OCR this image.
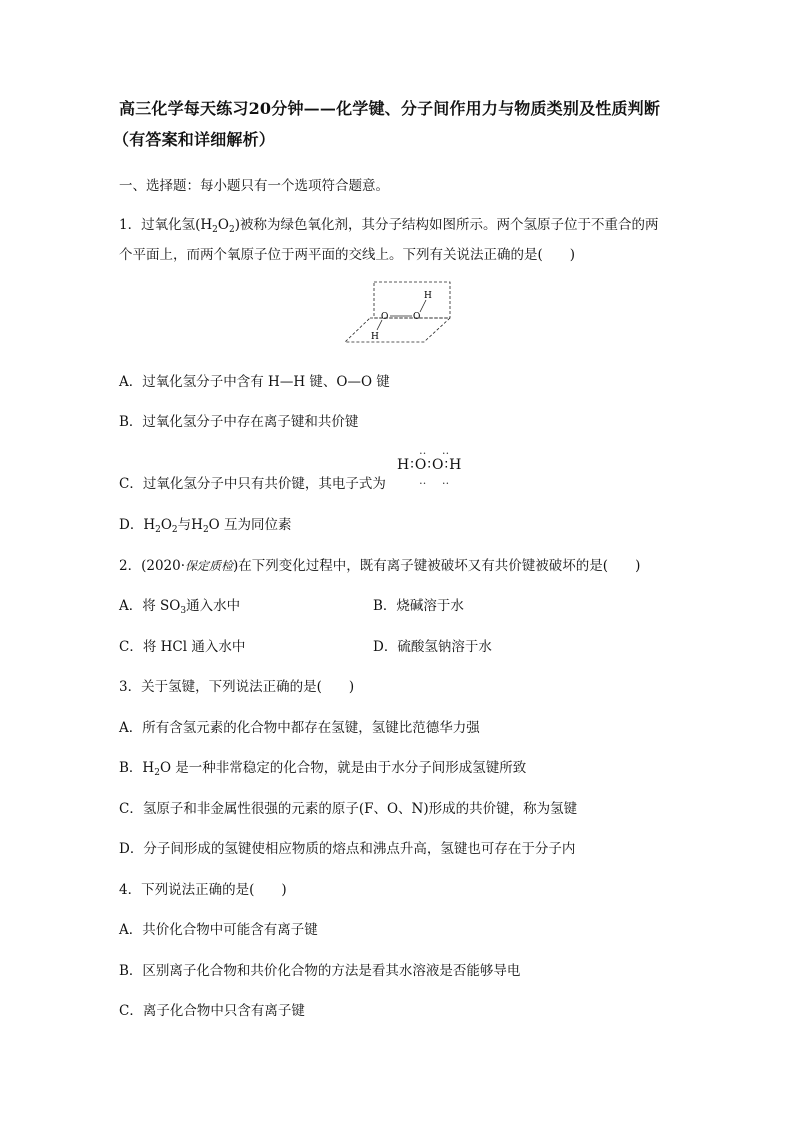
高三化学每天练习20分钟——化学键、分子间作用力与物质类别及性质判断
（有答案和详细解析）
一、选择题：每小题只有一个选项符合题意。
1．过氧化氢$(H_2O_2)$被称为绿色氧化剂，其分子结构如图所示。两个氢原子位于不重合的两
个平面上，而两个氧原子位于两平面的交线上。下列有关说法正确的是(　　)
H
O	O
H
A．过氧化氢分子中含有 H—H 键、O—O 键
B．过氧化氢分子中存在离子键和共价键
C．过氧化氢分子中只有共价键，其电子式为
‥ ‥
H∶O∶O∶H
‥ ‥
D．$H_2O_2$与$H_2O$ 互为同位素
2．(2020·保定质检)在下列变化过程中，既有离子键被破坏又有共价键被破坏的是(　　)
A．将 $SO_3$通入水中	B．烧碱溶于水
C．将 HCl 通入水中	D．硫酸氢钠溶于水
3．关于氢键，下列说法正确的是(　　)
A．所有含氢元素的化合物中都存在氢键，氢键比范德华力强
B．$H_2O$ 是一种非常稳定的化合物，就是由于水分子间形成氢键所致
C．氢原子和非金属性很强的元素的原子(F、O、N)形成的共价键，称为氢键
D．分子间形成的氢键使相应物质的熔点和沸点升高，氢键也可存在于分子内
4．下列说法正确的是(　　)
A．共价化合物中可能含有离子键
B．区别离子化合物和共价化合物的方法是看其水溶液是否能够导电
C．离子化合物中只含有离子键
